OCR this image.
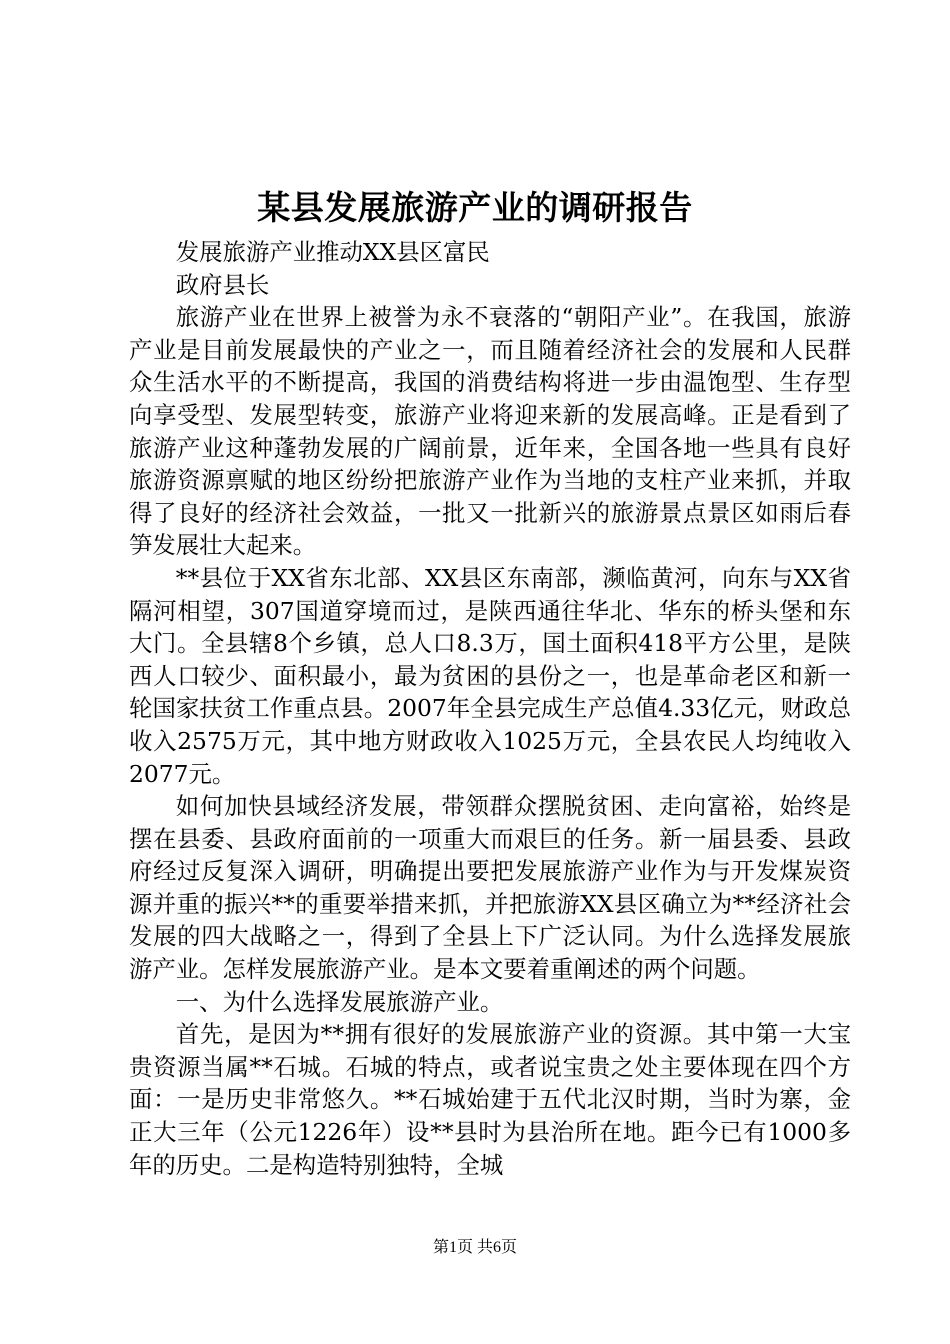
某县发展旅游产业的调研报告

发展旅游产业推动XX县区富民

政府县长

旅游产业在世界上被誉为永不衰落的“朝阳产业”。在我国，旅游产业是目前发展最快的产业之一，而且随着经济社会的发展和人民群众生活水平的不断提高，我国的消费结构将进一步由温饱型、生存型向享受型、发展型转变，旅游产业将迎来新的发展高峰。正是看到了旅游产业这种蓬勃发展的广阔前景，近年来，全国各地一些具有良好旅游资源禀赋的地区纷纷把旅游产业作为当地的支柱产业来抓，并取得了良好的经济社会效益，一批又一批新兴的旅游景点景区如雨后春笋发展壮大起来。

**县位于XX省东北部、XX县区东南部，濒临黄河，向东与XX省隔河相望，307国道穿境而过，是陕西通往华北、华东的桥头堡和东大门。全县辖8个乡镇，总人口8.3万，国土面积418平方公里，是陕西人口较少、面积最小，最为贫困的县份之一，也是革命老区和新一轮国家扶贫工作重点县。2007年全县完成生产总值4.33亿元，财政总收入2575万元，其中地方财政收入1025万元，全县农民人均纯收入2077元。

如何加快县域经济发展，带领群众摆脱贫困、走向富裕，始终是摆在县委、县政府面前的一项重大而艰巨的任务。新一届县委、县政府经过反复深入调研，明确提出要把发展旅游产业作为与开发煤炭资源并重的振兴**的重要举措来抓，并把旅游XX县区确立为**经济社会发展的四大战略之一，得到了全县上下广泛认同。为什么选择发展旅游产业。怎样发展旅游产业。是本文要着重阐述的两个问题。

一、为什么选择发展旅游产业。

首先，是因为**拥有很好的发展旅游产业的资源。其中第一大宝贵资源当属**石城。石城的特点，或者说宝贵之处主要体现在四个方面：一是历史非常悠久。**石城始建于五代北汉时期，当时为寨，金正大三年（公元1226年）设**县时为县治所在地。距今已有1000多年的历史。二是构造特别独特，全城

第1页 共6页
